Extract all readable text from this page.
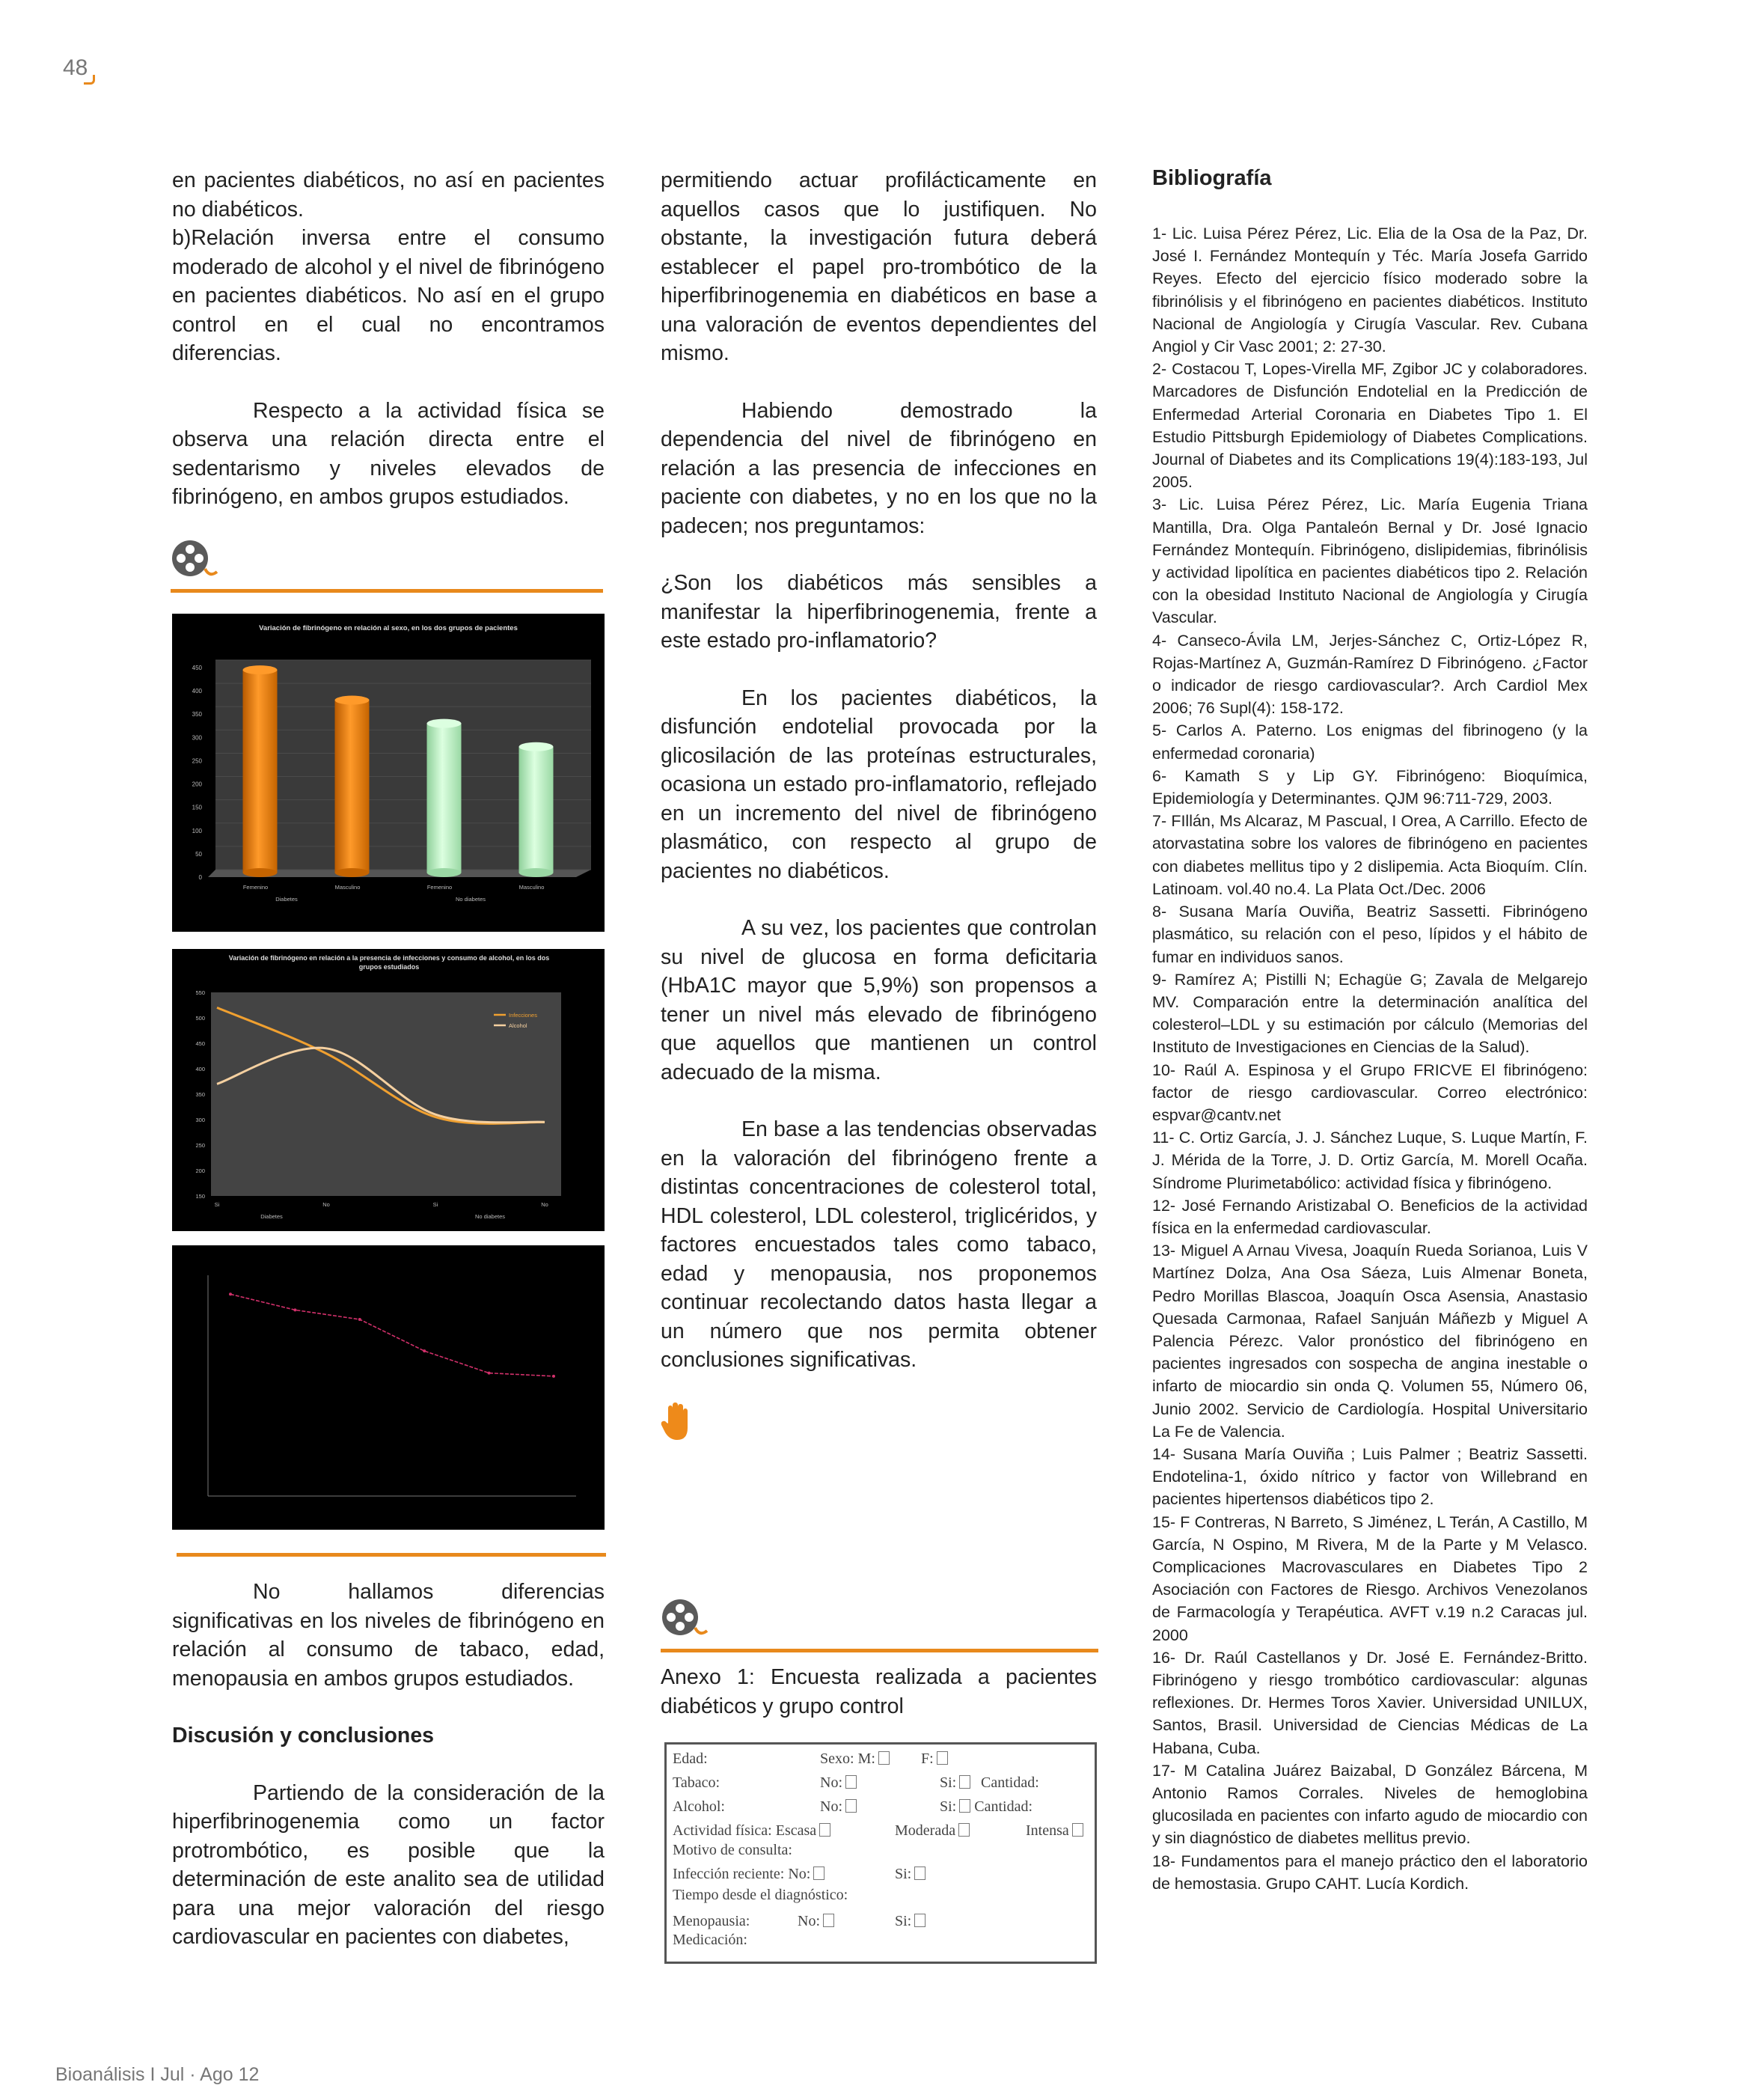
48

en pacientes diabéticos, no así en pacientes no diabéticos.

b)Relación inversa entre el consumo moderado de alcohol y el nivel de fibrinógeno en pacientes diabéticos. No así en el grupo control en el cual no encontramos diferencias.

Respecto a la actividad física se observa una relación directa entre el sedentarismo y niveles elevados de fibrinógeno, en ambos grupos estudiados.

Variación de fibrinógeno en relación al sexo, en los dos grupos de pacientes
0
50
100
150
200
250
300
350
400
450
Femenino	Masculino	Femenino	Masculino
Diabetes	No diabetes
Variación de fibrinógeno en relación a la presencia de infecciones y consumo de alcohol, en los dos grupos estudiados
150
200
250
300
350
400
450
500
550
Si	No	Si	No
Diabetes	No diabetes
Infecciones
Alcohol

No hallamos diferencias significativas en los niveles de fibrinógeno en relación al consumo de tabaco, edad, menopausia en ambos grupos estudiados.

Discusión y conclusiones

Partiendo de la consideración de la hiperfibrinogenemia como un factor protrombótico, es posible que la determinación de este analito sea de utilidad para una mejor valoración del riesgo cardiovascular en pacientes con diabetes,

permitiendo actuar profilácticamente en aquellos casos que lo justifiquen. No obstante, la investigación futura deberá establecer el papel pro-trombótico de la hiperfibrinogenemia en diabéticos en base a una valoración de eventos dependientes del mismo.

Habiendo demostrado la dependencia del nivel de fibrinógeno en relación a las presencia de infecciones en paciente con diabetes, y no en los que no la padecen; nos preguntamos:

¿Son los diabéticos más sensibles a manifestar la hiperfibrinogenemia, frente a este estado pro-inflamatorio?

En los pacientes diabéticos, la disfunción endotelial provocada por la glicosilación de las proteínas estructurales, ocasiona un estado pro-inflamatorio, reflejado en un incremento del nivel de fibrinógeno plasmático, con respecto al grupo de pacientes no diabéticos.

A su vez, los pacientes que controlan su nivel de glucosa en forma deficitaria (HbA1C mayor que 5,9%) son propensos a tener un nivel más elevado de fibrinógeno que aquellos que mantienen un control adecuado de la misma.

En base a las tendencias observadas en la valoración del fibrinógeno frente a distintas concentraciones de colesterol total, HDL colesterol, LDL colesterol, triglicéridos, y factores encuestados tales como tabaco, edad y menopausia, nos proponemos continuar recolectando datos hasta llegar a un número que nos permita obtener conclusiones significativas.

Anexo 1: Encuesta realizada a pacientes diabéticos y grupo control
Edad:	Sexo: M:	F:
Tabaco:	No:	Si:	Cantidad:
Alcohol:	No:	Si: Cantidad:
Actividad física: Escasa	Moderada	Intensa
Motivo de consulta:
Infección reciente: No:	Si:
Tiempo desde el diagnóstico:
Menopausia:	No:	Si:
Medicación:
Bibliografía
1- Lic. Luisa Pérez Pérez, Lic. Elia de la Osa de la Paz, Dr. José I. Fernández Montequín y Téc. María Josefa Garrido Reyes. Efecto del ejercicio físico moderado sobre la fibrinólisis y el fibrinógeno en pacientes diabéticos. Instituto Nacional de Angiología y Cirugía Vascular. Rev. Cubana Angiol y Cir Vasc 2001; 2: 27-30.
2- Costacou T, Lopes-Virella MF, Zgibor JC y colaboradores. Marcadores de Disfunción Endotelial en la Predicción de Enfermedad Arterial Coronaria en Diabetes Tipo 1. El Estudio Pittsburgh Epidemiology of Diabetes Complications. Journal of Diabetes and its Complications 19(4):183-193, Jul 2005.
3- Lic. Luisa Pérez Pérez, Lic. María Eugenia Triana Mantilla, Dra. Olga Pantaleón Bernal y Dr. José Ignacio Fernández Montequín. Fibrinógeno, dislipidemias, fibrinólisis y actividad lipolítica en pacientes diabéticos tipo 2. Relación con la obesidad Instituto Nacional de Angiología y Cirugía Vascular.
4- Canseco-Ávila LM, Jerjes-Sánchez C, Ortiz-López R, Rojas-Martínez A, Guzmán-Ramírez D Fibrinógeno. ¿Factor o indicador de riesgo cardiovascular?. Arch Cardiol Mex 2006; 76 Supl(4): 158-172.
5- Carlos A. Paterno. Los enigmas del fibrinogeno (y la enfermedad coronaria)
6- Kamath S y Lip GY. Fibrinógeno: Bioquímica, Epidemiología y Determinantes. QJM 96:711-729, 2003.
7- FIllán, Ms Alcaraz, M Pascual, I Orea, A Carrillo. Efecto de atorvastatina sobre los valores de fibrinógeno en pacientes con diabetes mellitus tipo y 2 dislipemia. Acta Bioquím. Clín. Latinoam. vol.40 no.4. La Plata Oct./Dec. 2006
8- Susana María Ouviña, Beatriz Sassetti. Fibrinógeno plasmático, su relación con el peso, lípidos y el hábito de fumar en individuos sanos.
9- Ramírez A; Pistilli N; Echagüe G; Zavala de Melgarejo MV. Comparación entre la determinación analítica del colesterol–LDL y su estimación por cálculo (Memorias del Instituto de Investigaciones en Ciencias de la Salud).
10- Raúl A. Espinosa y el Grupo FRICVE El fibrinógeno: factor de riesgo cardiovascular. Correo electrónico: espvar@cantv.net
11- C. Ortiz García, J. J. Sánchez Luque, S. Luque Martín, F. J. Mérida de la Torre, J. D. Ortiz García, M. Morell Ocaña. Síndrome Plurimetabólico: actividad física y fibrinógeno.
12- José Fernando Aristizabal O. Beneficios de la actividad física en la enfermedad cardiovascular.
13- Miguel A Arnau Vivesa, Joaquín Rueda Sorianoa, Luis V Martínez Dolza, Ana Osa Sáeza, Luis Almenar Boneta, Pedro Morillas Blascoa, Joaquín Osca Asensia, Anastasio Quesada Carmonaa, Rafael Sanjuán Máñezb y Miguel A Palencia Pérezc. Valor pronóstico del fibrinógeno en pacientes ingresados con sospecha de angina inestable o infarto de miocardio sin onda Q. Volumen 55, Número 06, Junio 2002. Servicio de Cardiología. Hospital Universitario La Fe de Valencia.
14- Susana María Ouviña ; Luis Palmer ; Beatriz Sassetti. Endotelina-1, óxido nítrico y factor von Willebrand en pacientes hipertensos diabéticos tipo 2.
15- F Contreras, N Barreto, S Jiménez, L Terán, A Castillo, M García, N Ospino, M Rivera, M de la Parte y M Velasco. Complicaciones Macrovasculares en Diabetes Tipo 2 Asociación con Factores de Riesgo. Archivos Venezolanos de Farmacología y Terapéutica. AVFT v.19 n.2 Caracas jul. 2000
16- Dr. Raúl Castellanos y Dr. José E. Fernández-Britto. Fibrinógeno y riesgo trombótico cardiovascular: algunas reflexiones. Dr. Hermes Toros Xavier. Universidad UNILUX, Santos, Brasil. Universidad de Ciencias Médicas de La Habana, Cuba.
17- M Catalina Juárez Baizabal, D González Bárcena, M Antonio Ramos Corrales. Niveles de hemoglobina glucosilada en pacientes con infarto agudo de miocardio con y sin diagnóstico de diabetes mellitus previo.
18- Fundamentos para el manejo práctico den el laboratorio de hemostasia. Grupo CAHT. Lucía Kordich.
Bioanálisis I Jul · Ago 12
